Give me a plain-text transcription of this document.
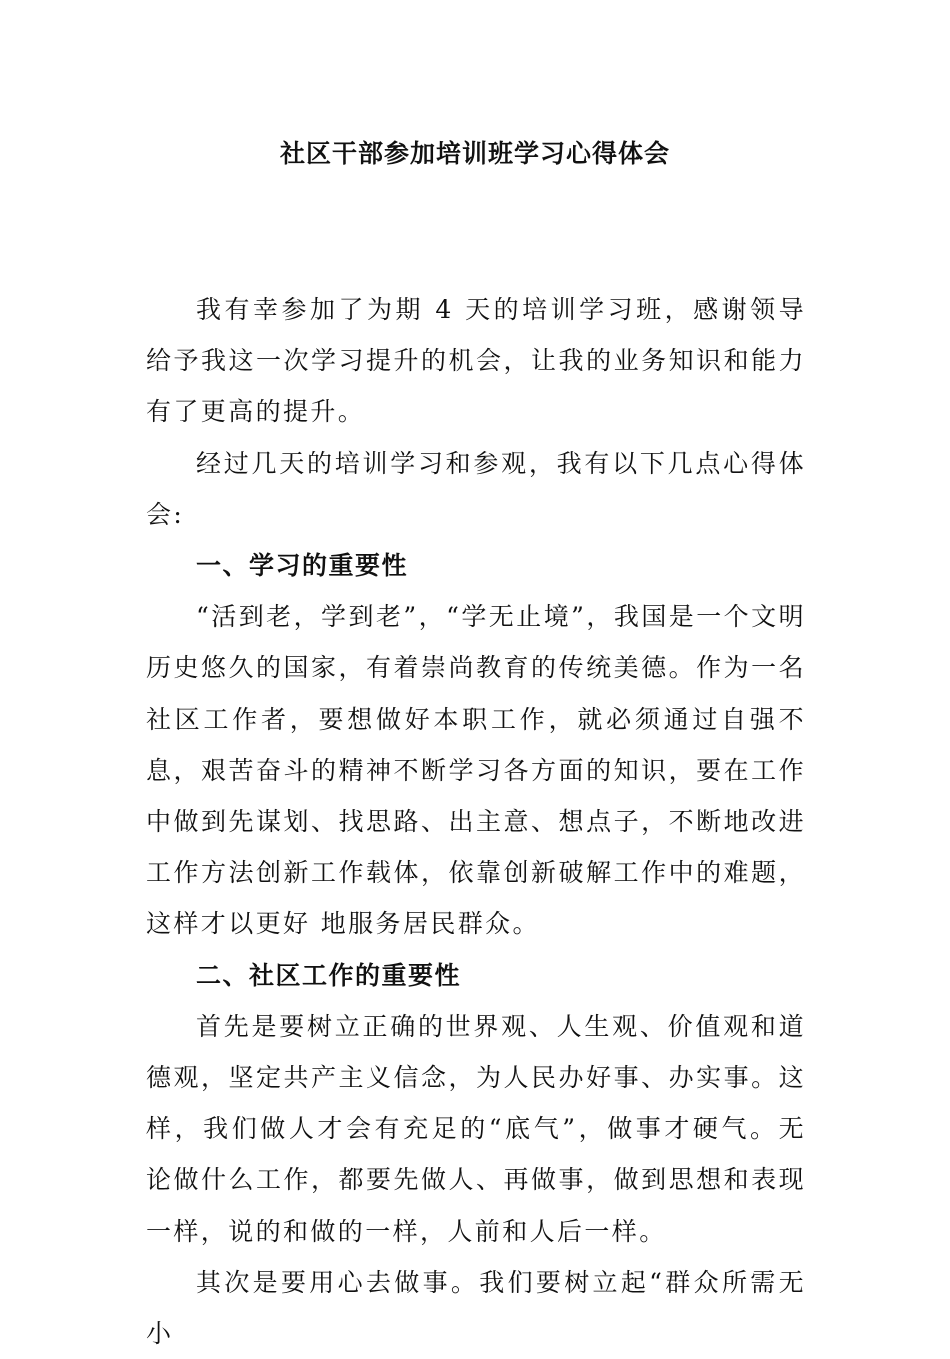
社区干部参加培训班学习心得体会

我有幸参加了为期 4 天的培训学习班，感谢领导给予我这一次学习提升的机会，让我的业务知识和能力有了更高的提升。

经过几天的培训学习和参观，我有以下几点心得体会:

一、学习的重要性

“活到老，学到老”，“学无止境”，我国是一个文明历史悠久的国家，有着崇尚教育的传统美德。作为一名社区工作者，要想做好本职工作，就必须通过自强不息，艰苦奋斗的精神不断学习各方面的知识，要在工作中做到先谋划、找思路、出主意、想点子，不断地改进工作方法创新工作载体，依靠创新破解工作中的难题，这样才以更好 地服务居民群众。

二、社区工作的重要性

首先是要树立正确的世界观、人生观、价值观和道德观，坚定共产主义信念，为人民办好事、办实事。这样，我们做人才会有充足的“底气”，做事才硬气。无论做什么工作，都要先做人、再做事，做到思想和表现一样，说的和做的一样，人前和人后一样。

其次是要用心去做事。我们要树立起“群众所需无小
